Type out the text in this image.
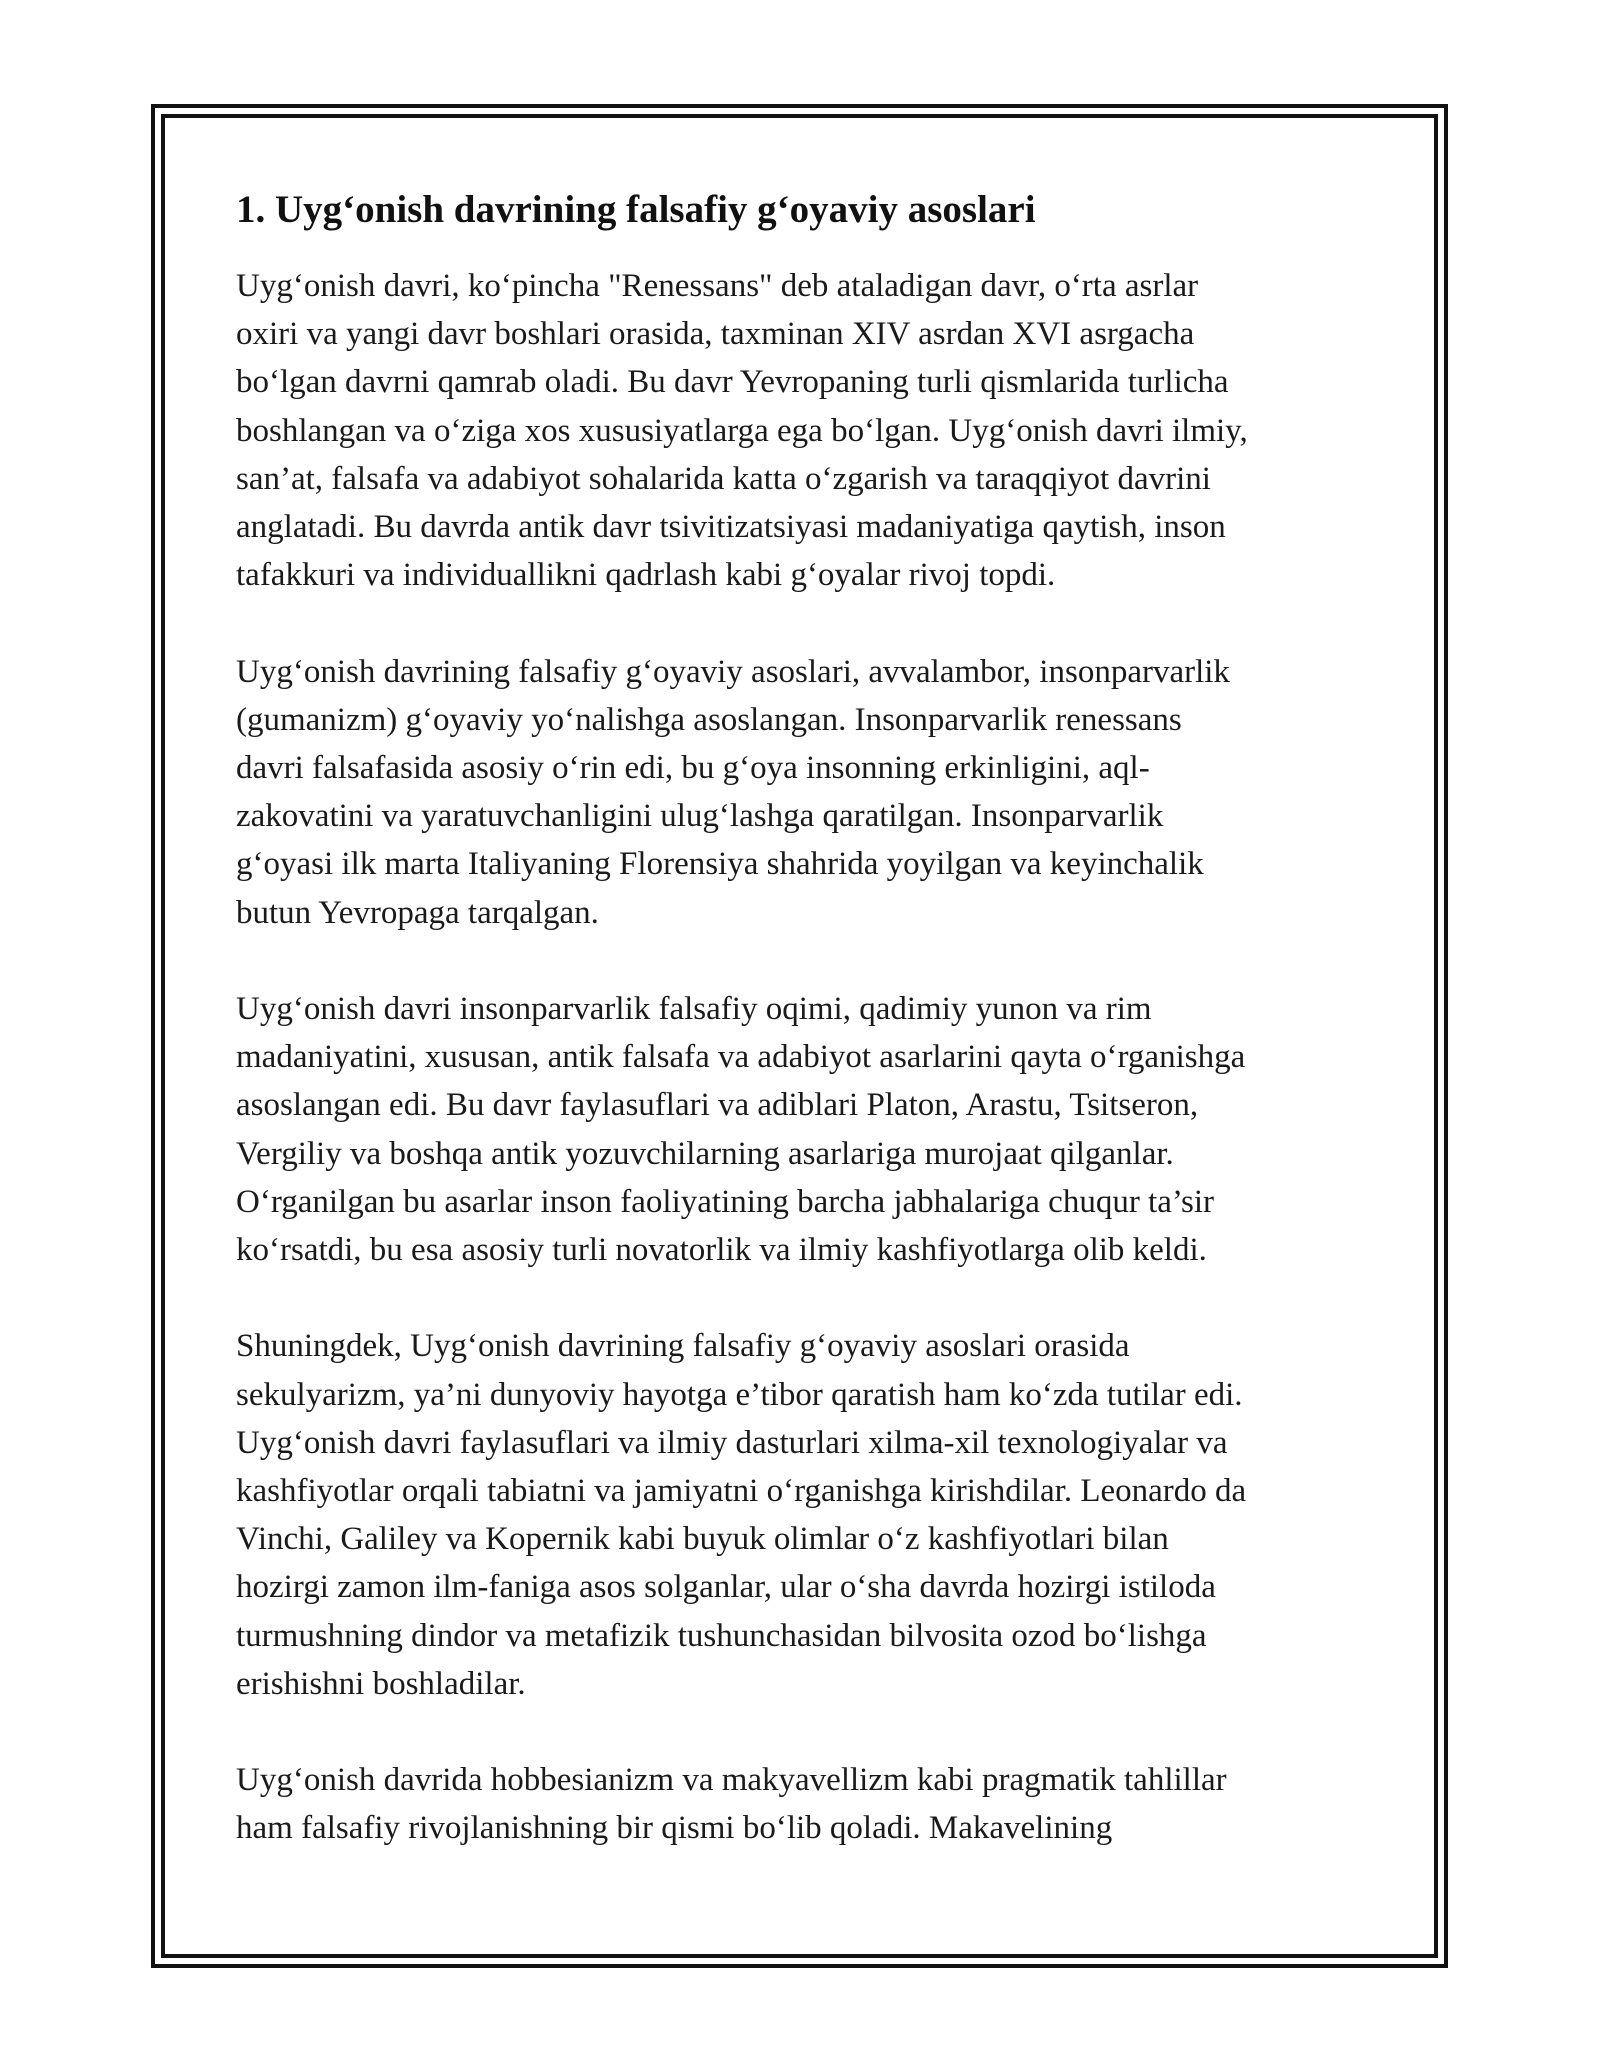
1. Uyg‘onish davrining falsafiy g‘oyaviy asoslari

Uyg‘onish davri, ko‘pincha "Renessans" deb ataladigan davr, o‘rta asrlar
oxiri va yangi davr boshlari orasida, taxminan XIV asrdan XVI asrgacha
bo‘lgan davrni qamrab oladi. Bu davr Yevropaning turli qismlarida turlicha
boshlangan va o‘ziga xos xususiyatlarga ega bo‘lgan. Uyg‘onish davri ilmiy,
san’at, falsafa va adabiyot sohalarida katta o‘zgarish va taraqqiyot davrini
anglatadi. Bu davrda antik davr tsivitizatsiyasi madaniyatiga qaytish, inson
tafakkuri va individuallikni qadrlash kabi g‘oyalar rivoj topdi.

Uyg‘onish davrining falsafiy g‘oyaviy asoslari, avvalambor, insonparvarlik
(gumanizm) g‘oyaviy yo‘nalishga asoslangan. Insonparvarlik renessans
davri falsafasida asosiy o‘rin edi, bu g‘oya insonning erkinligini, aql-
zakovatini va yaratuvchanligini ulug‘lashga qaratilgan. Insonparvarlik
g‘oyasi ilk marta Italiyaning Florensiya shahrida yoyilgan va keyinchalik
butun Yevropaga tarqalgan.

Uyg‘onish davri insonparvarlik falsafiy oqimi, qadimiy yunon va rim
madaniyatini, xususan, antik falsafa va adabiyot asarlarini qayta o‘rganishga
asoslangan edi. Bu davr faylasuflari va adiblari Platon, Arastu, Tsitseron,
Vergiliy va boshqa antik yozuvchilarning asarlariga murojaat qilganlar.
O‘rganilgan bu asarlar inson faoliyatining barcha jabhalariga chuqur ta’sir
ko‘rsatdi, bu esa asosiy turli novatorlik va ilmiy kashfiyotlarga olib keldi.

Shuningdek, Uyg‘onish davrining falsafiy g‘oyaviy asoslari orasida
sekulyarizm, ya’ni dunyoviy hayotga e’tibor qaratish ham ko‘zda tutilar edi.
Uyg‘onish davri faylasuflari va ilmiy dasturlari xilma-xil texnologiyalar va
kashfiyotlar orqali tabiatni va jamiyatni o‘rganishga kirishdilar. Leonardo da
Vinchi, Galiley va Kopernik kabi buyuk olimlar o‘z kashfiyotlari bilan
hozirgi zamon ilm-faniga asos solganlar, ular o‘sha davrda hozirgi istiloda
turmushning dindor va metafizik tushunchasidan bilvosita ozod bo‘lishga
erishishni boshladilar.

Uyg‘onish davrida hobbesianizm va makyavellizm kabi pragmatik tahlillar
ham falsafiy rivojlanishning bir qismi bo‘lib qoladi. Makavelining
